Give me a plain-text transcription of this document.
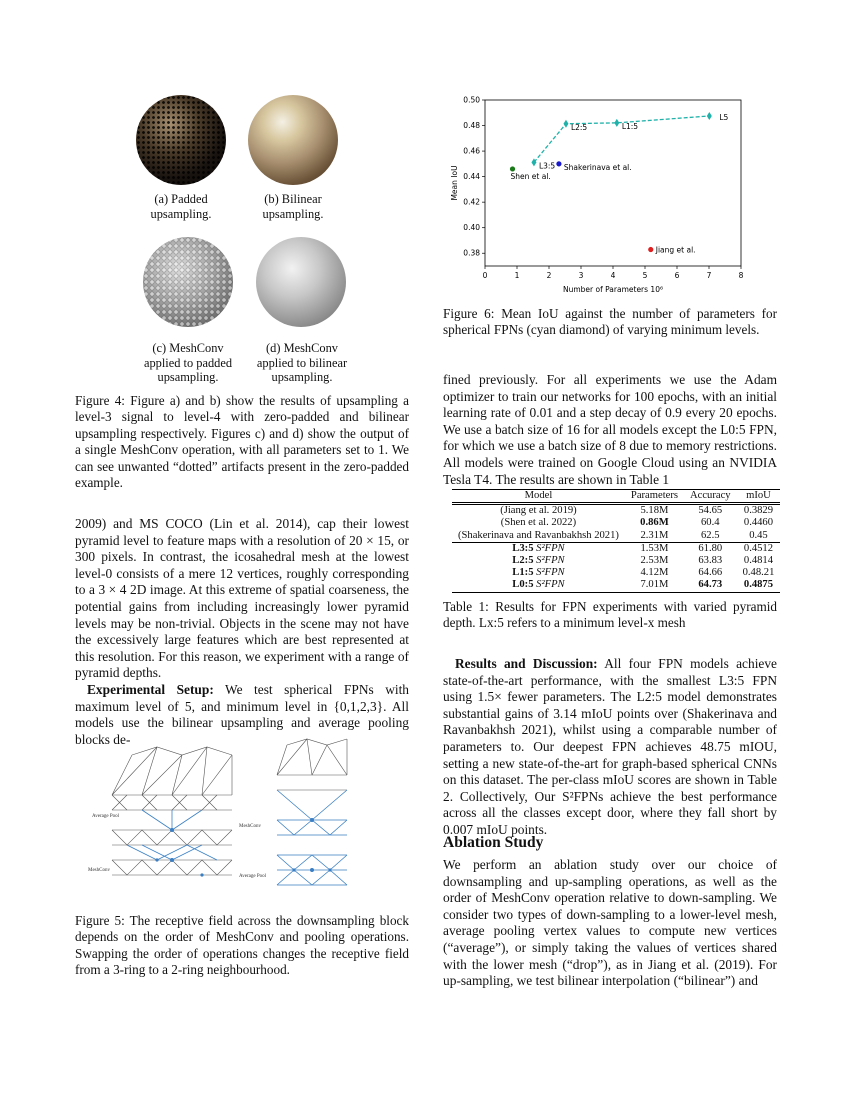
(a) Padded upsampling.
(b) Bilinear upsampling.
(c) MeshConv applied to padded upsampling.
(d) MeshConv applied to bilinear upsampling.

Figure 4: Figure a) and b) show the results of upsampling a level-3 signal to level-4 with zero-padded and bilinear upsampling respectively. Figures c) and d) show the output of a single MeshConv operation, with all parameters set to 1. We can see unwanted “dotted” artifacts present in the zero-padded example.

2009) and MS COCO (Lin et al. 2014), cap their lowest pyramid level to feature maps with a resolution of 20 × 15, or 300 pixels. In contrast, the icosahedral mesh at the lowest level-0 consists of a mere 12 vertices, roughly corresponding to a 3 × 4 2D image. At this extreme of spatial coarseness, the potential gains from including increasingly lower pyramid levels may be non-trivial. Objects in the scene may not have the excessively large features which are best represented at this resolution. For this reason, we experiment with a range of pyramid depths.

Experimental Setup: We test spherical FPNs with maximum level of 5, and minimum level in {0,1,2,3}. All models use the bilinear upsampling and average pooling blocks de-

Average Pool
MeshConv
MeshConv
Average Pool

Figure 5: The receptive field across the downsampling block depends on the order of MeshConv and pooling operations. Swapping the order of operations changes the receptive field from a 3-ring to a 2-ring neighbourhood.

0	1	2	3	4	5	6	7	8
0.38
0.40
0.42
0.44
0.46
0.48
0.50
Number of Parameters 10⁶
Mean IoU	L3:5
L2:5	L1:5
L5
Shen et al.
Shakerinava et al.
Jiang et al.

Figure 6: Mean IoU against the number of parameters for spherical FPNs (cyan diamond) of varying minimum levels.

fined previously. For all experiments we use the Adam optimizer to train our networks for 100 epochs, with an initial learning rate of 0.01 and a step decay of 0.9 every 20 epochs. We use a batch size of 16 for all models except the L0:5 FPN, for which we use a batch size of 8 due to memory restrictions. All models were trained on Google Cloud using an NVIDIA Tesla T4. The results are shown in Table 1

Model	Parameters	Accuracy	mIoU
(Jiang et al. 2019)	5.18M	54.65	0.3829
(Shen et al. 2022)	0.86M	60.4	0.4460
(Shakerinava and Ravanbakhsh 2021)	2.31M	62.5	0.45
L3:5 S²FPN	1.53M	61.80	0.4512
L2:5 S²FPN	2.53M	63.83	0.4814
L1:5 S²FPN	4.12M	64.66	0.48.21
L0:5 S²FPN	7.01M	64.73	0.4875

Table 1: Results for FPN experiments with varied pyramid depth. Lx:5 refers to a minimum level-x mesh

Results and Discussion: All four FPN models achieve state-of-the-art performance, with the smallest L3:5 FPN using 1.5× fewer parameters. The L2:5 model demonstrates substantial gains of 3.14 mIoU points over (Shakerinava and Ravanbakhsh 2021), whilst using a comparable number of parameters to. Our deepest FPN achieves 48.75 mIOU, setting a new state-of-the-art for graph-based spherical CNNs on this dataset. The per-class mIoU scores are shown in Table 2. Collectively, Our S²FPNs achieve the best performance across all the classes except door, where they fall short by 0.007 mIoU points.

Ablation Study

We perform an ablation study over our choice of downsampling and up-sampling operations, as well as the order of MeshConv operation relative to down-sampling. We consider two types of down-sampling to a lower-level mesh, average pooling vertex values to compute new vertices (“average”), or simply taking the values of vertices shared with the lower mesh (“drop”), as in Jiang et al. (2019). For up-sampling, we test bilinear interpolation (“bilinear”) and
